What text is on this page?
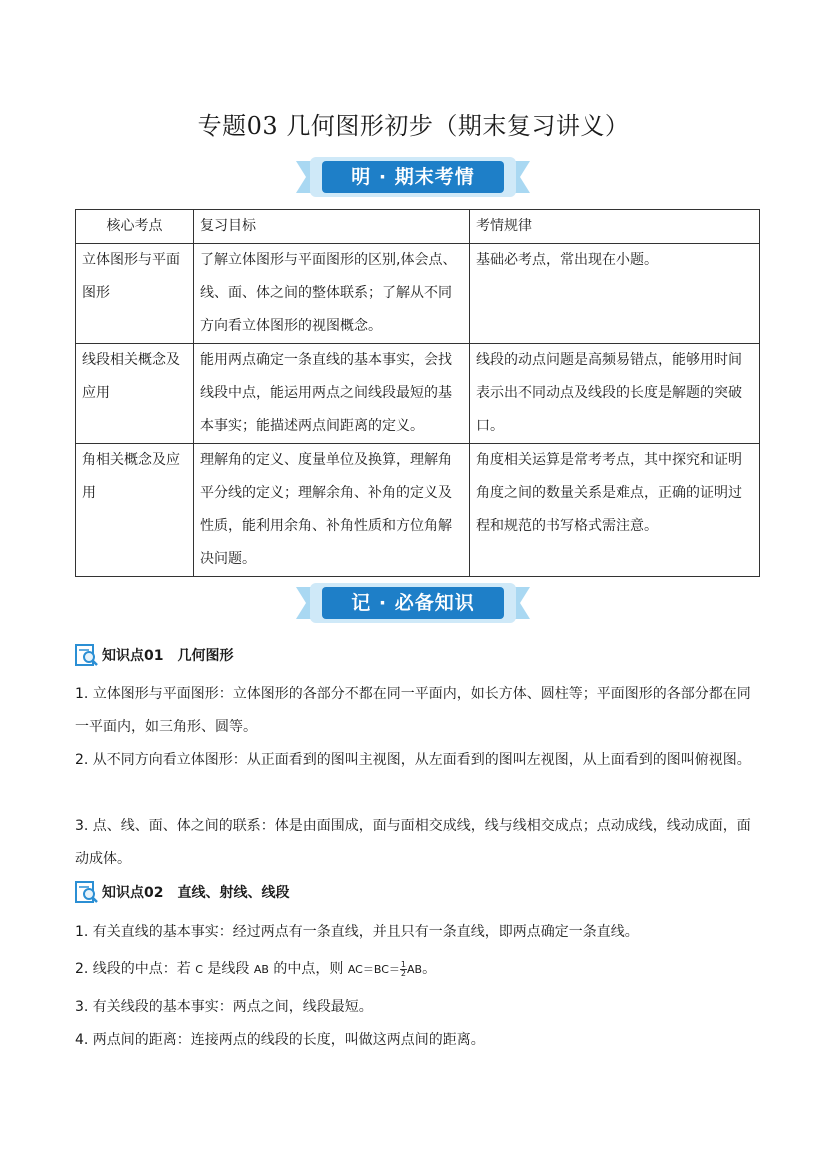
专题03 几何图形初步（期末复习讲义）
明 · 期末考情
核心考点	复习目标	考情规律
立体图形与平面图形	了解立体图形与平面图形的区别,体会点、线、面、体之间的整体联系；了解从不同方向看立体图形的视图概念。	基础必考点，常出现在小题。
线段相关概念及应用	能用两点确定一条直线的基本事实，会找线段中点，能运用两点之间线段最短的基本事实；能描述两点间距离的定义。	线段的动点问题是高频易错点，能够用时间表示出不同动点及线段的长度是解题的突破口。
角相关概念及应用	理解角的定义、度量单位及换算，理解角平分线的定义；理解余角、补角的定义及性质，能利用余角、补角性质和方位角解决问题。	角度相关运算是常考考点，其中探究和证明角度之间的数量关系是难点，正确的证明过程和规范的书写格式需注意。
记 · 必备知识
知识点01 几何图形
1. 立体图形与平面图形：立体图形的各部分不都在同一平面内，如长方体、圆柱等；平面图形的各部分都在同一平面内，如三角形、圆等。
2. 从不同方向看立体图形：从正面看到的图叫主视图，从左面看到的图叫左视图，从上面看到的图叫俯视图。
3. 点、线、面、体之间的联系：体是由面围成，面与面相交成线，线与线相交成点；点动成线，线动成面，面动成体。
知识点02 直线、射线、线段
1. 有关直线的基本事实：经过两点有一条直线，并且只有一条直线，即两点确定一条直线。
2. 线段的中点：若 C 是线段 AB 的中点，则 $AC=BC= \frac{1}{2}$ AB。
3. 有关线段的基本事实：两点之间，线段最短。
4. 两点间的距离：连接两点的线段的长度，叫做这两点间的距离。
